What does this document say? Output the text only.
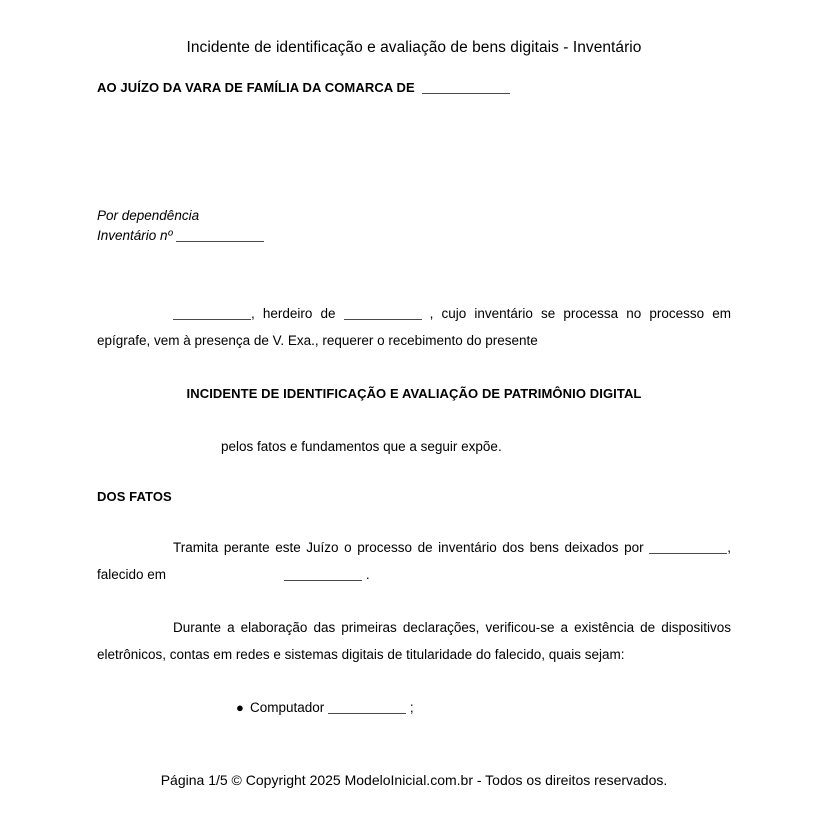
Incidente de identificação e avaliação de bens digitais - Inventário

AO JUÍZO DA VARA DE FAMÍLIA DA COMARCA DE

Por dependência

Inventário nº

, herdeiro de	, cujo inventário se processa no processo em epígrafe, vem à presença de V. Exa., requerer o recebimento do presente

INCIDENTE DE IDENTIFICAÇÃO E AVALIAÇÃO DE PATRIMÔNIO DIGITAL

pelos fatos e fundamentos que a seguir expõe.

DOS FATOS

Tramita perante este Juízo o processo de inventário dos bens deixados por	, falecido em	.

Durante a elaboração das primeiras declarações, verificou-se a existência de dispositivos eletrônicos, contas em redes e sistemas digitais de titularidade do falecido, quais sejam:

● Computador	;
Página 1/5 © Copyright 2025 ModeloInicial.com.br - Todos os direitos reservados.
